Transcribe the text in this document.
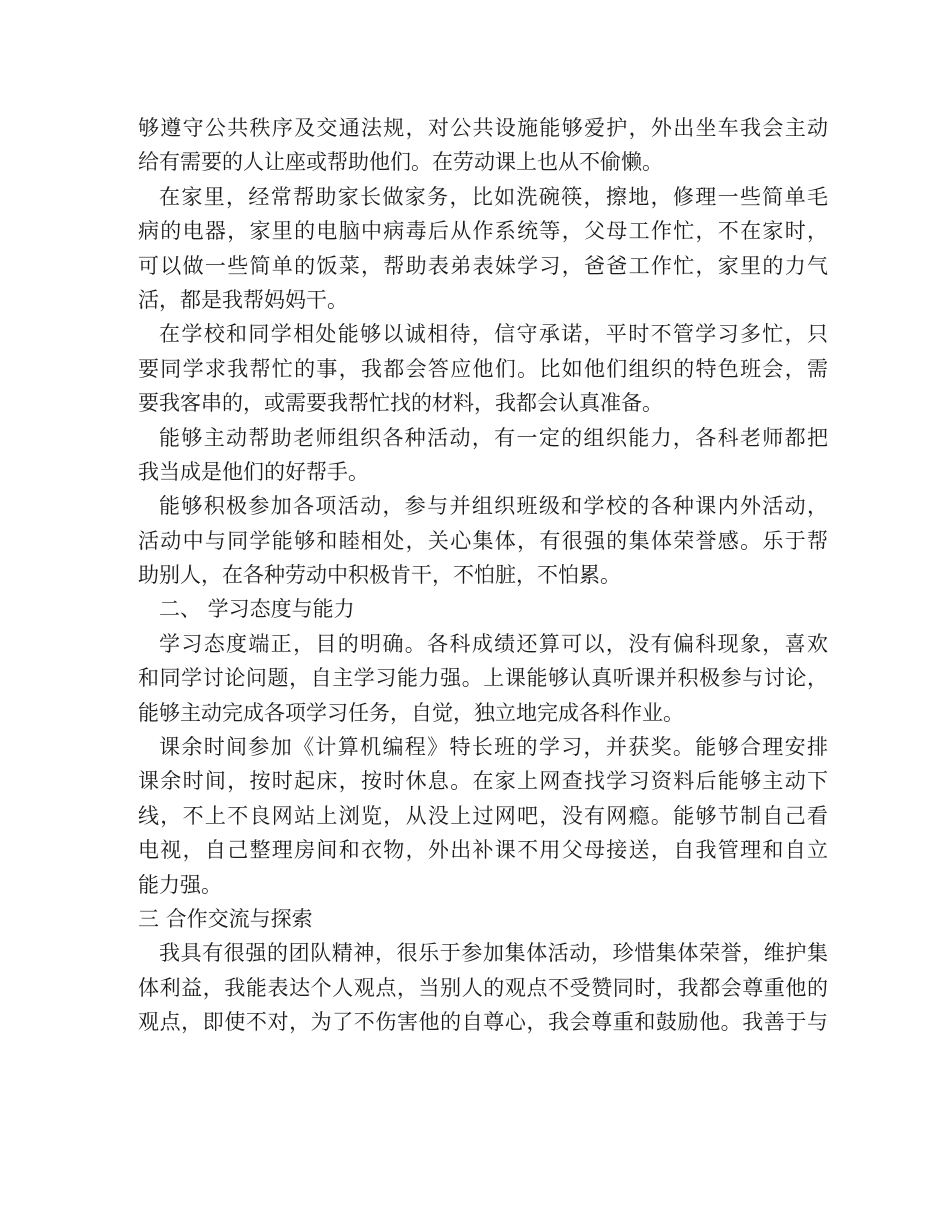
够遵守公共秩序及交通法规，对公共设施能够爱护，外出坐车我会主动
给有需要的人让座或帮助他们。在劳动课上也从不偷懒。
在家里，经常帮助家长做家务，比如洗碗筷，擦地，修理一些简单毛
病的电器，家里的电脑中病毒后从作系统等，父母工作忙，不在家时，
可以做一些简单的饭菜，帮助表弟表妹学习，爸爸工作忙，家里的力气
活，都是我帮妈妈干。
在学校和同学相处能够以诚相待，信守承诺，平时不管学习多忙，只
要同学求我帮忙的事，我都会答应他们。比如他们组织的特色班会，需
要我客串的，或需要我帮忙找的材料，我都会认真准备。
能够主动帮助老师组织各种活动，有一定的组织能力，各科老师都把
我当成是他们的好帮手。
能够积极参加各项活动，参与并组织班级和学校的各种课内外活动，
活动中与同学能够和睦相处，关心集体，有很强的集体荣誉感。乐于帮
助别人，在各种劳动中积极肯干，不怕脏，不怕累。
二、 学习态度与能力
学习态度端正，目的明确。各科成绩还算可以，没有偏科现象，喜欢
和同学讨论问题，自主学习能力强。上课能够认真听课并积极参与讨论，
能够主动完成各项学习任务，自觉，独立地完成各科作业。
课余时间参加《计算机编程》特长班的学习，并获奖。能够合理安排
课余时间，按时起床，按时休息。在家上网查找学习资料后能够主动下
线，不上不良网站上浏览，从没上过网吧，没有网瘾。能够节制自己看
电视，自己整理房间和衣物，外出补课不用父母接送，自我管理和自立
能力强。
三 合作交流与探索
我具有很强的团队精神，很乐于参加集体活动，珍惜集体荣誉，维护集
体利益，我能表达个人观点，当别人的观点不受赞同时，我都会尊重他的
观点，即使不对，为了不伤害他的自尊心，我会尊重和鼓励他。我善于与
